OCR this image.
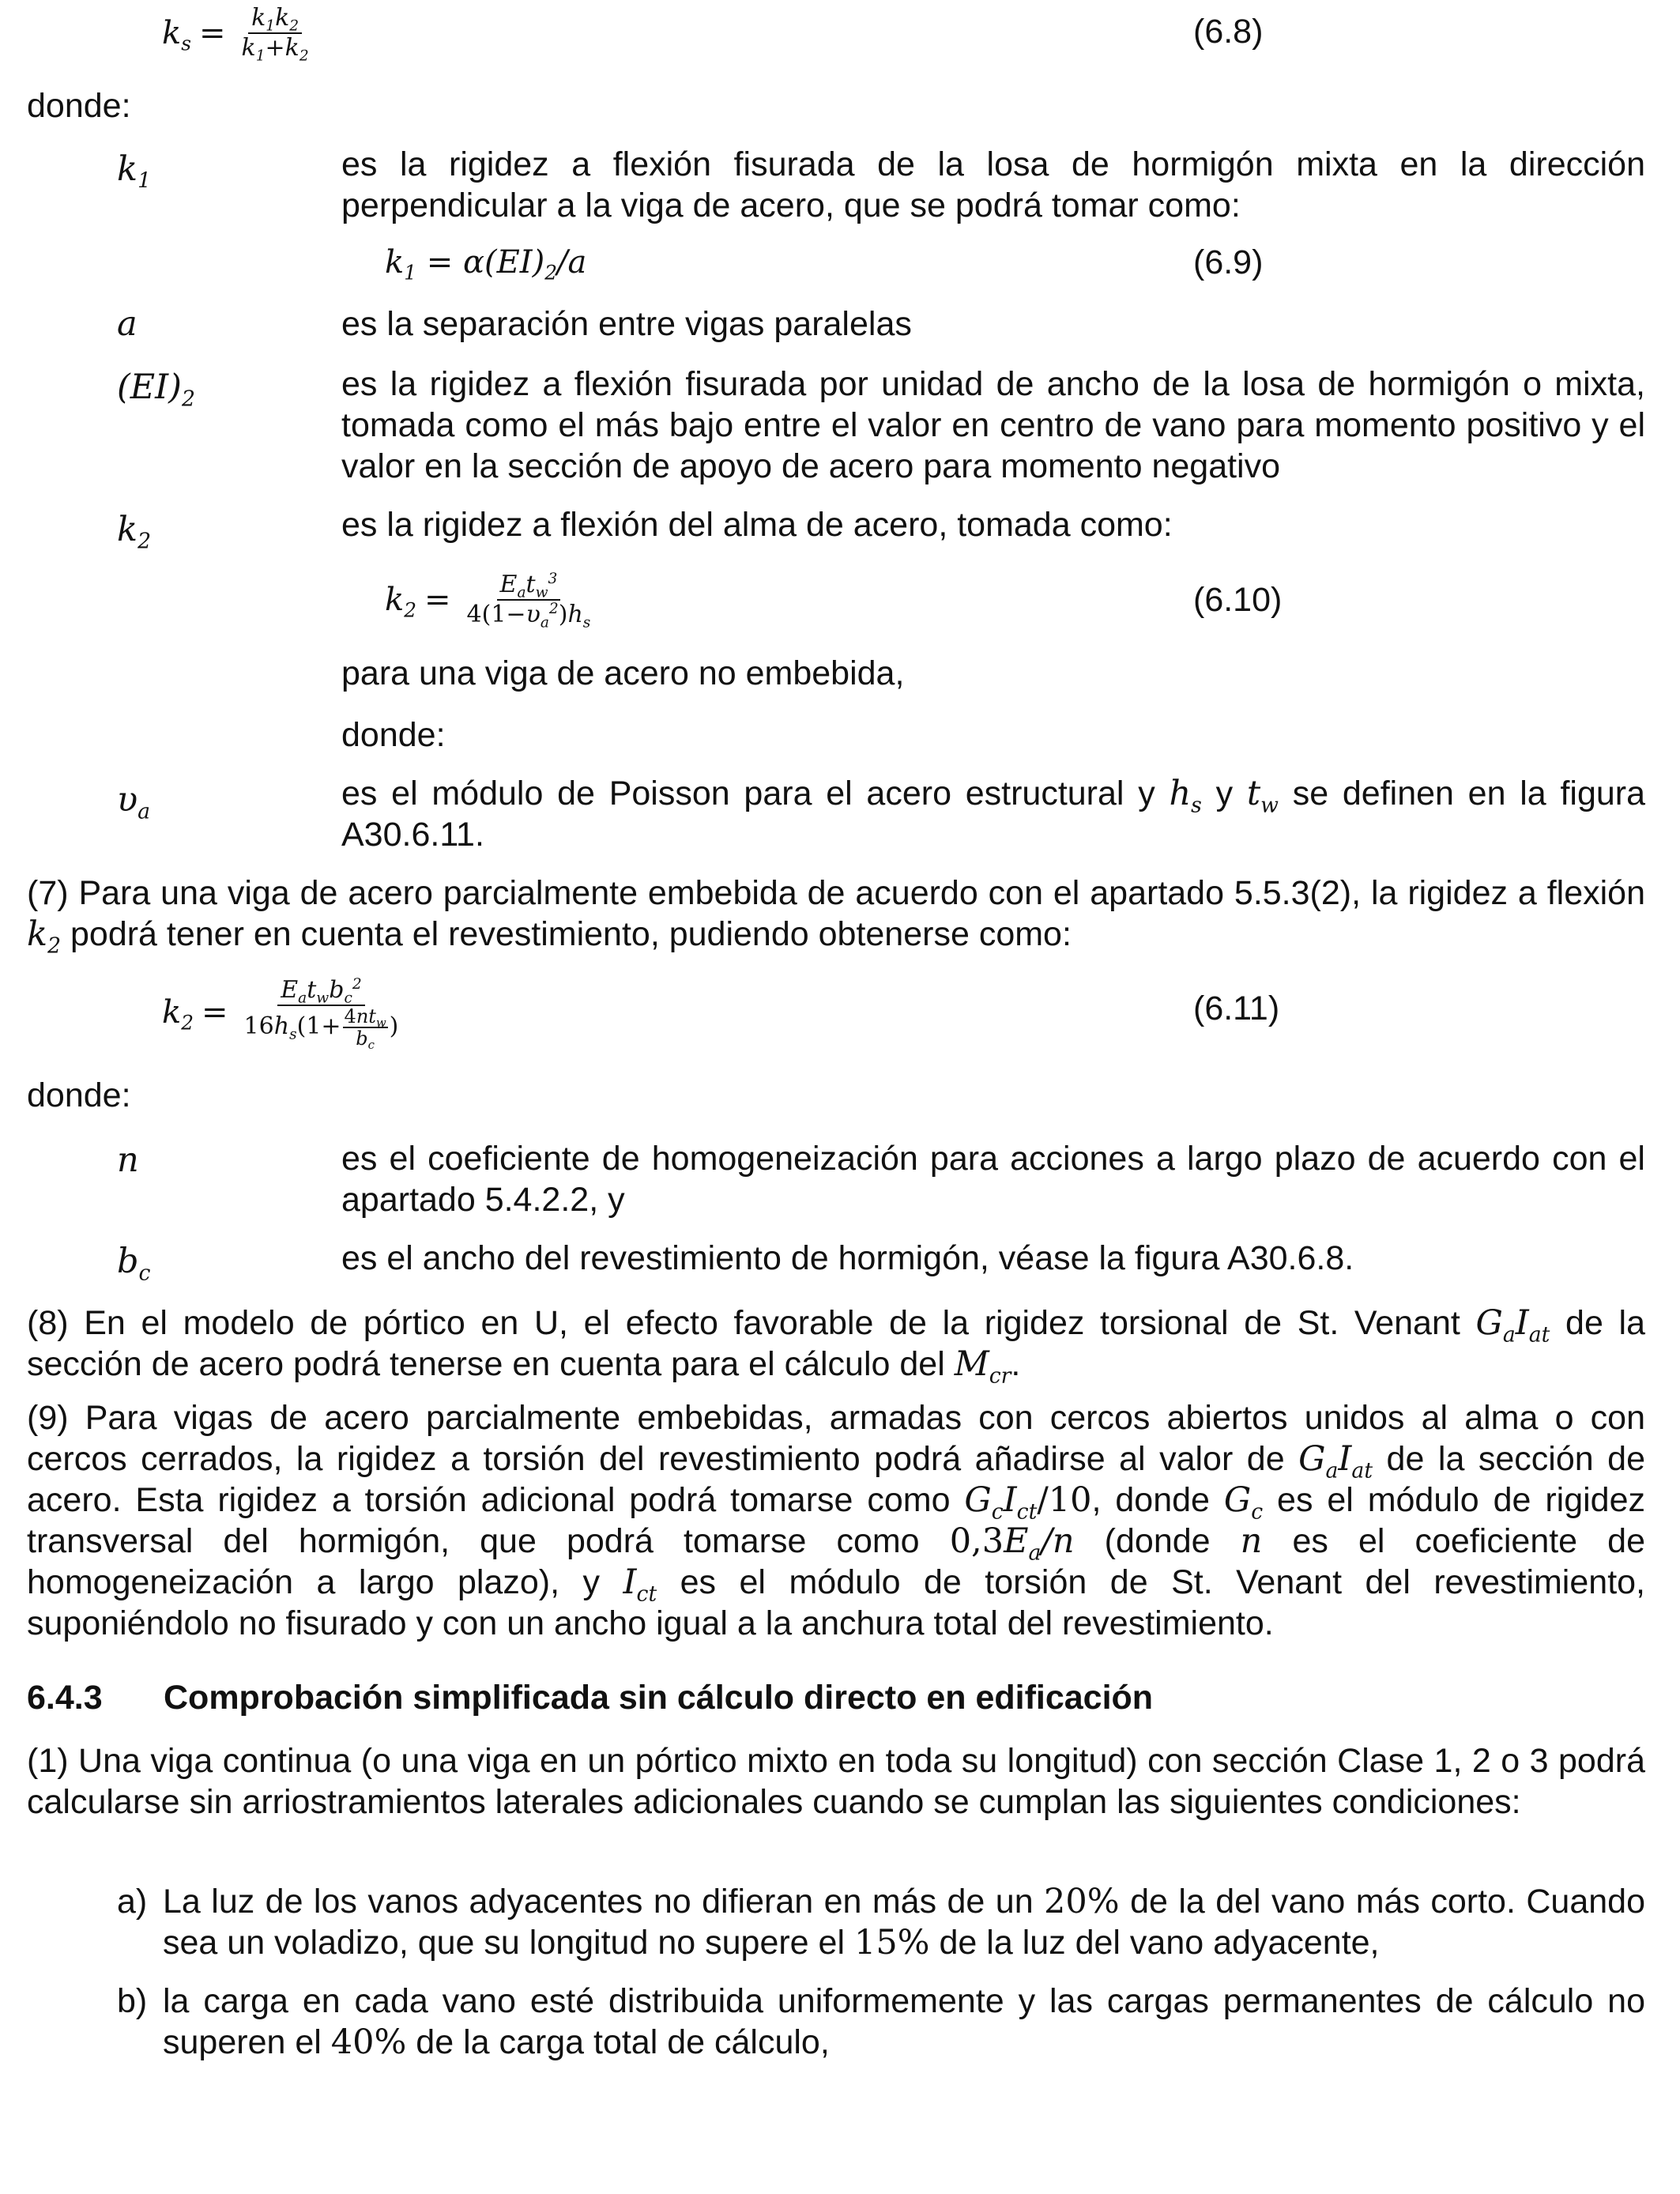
$k_s = \frac{k_1k_2}{k_1+k_2}$	(6.8)
donde:
$k_1$	es la rigidez a flexión fisurada de la losa de hormigón mixta en la dirección perpendicular a la viga de acero, que se podrá tomar como:
$k_1 = \alpha(EI)_2/a$	(6.9)
a	es la separación entre vigas paralelas
$(EI)_2$	es la rigidez a flexión fisurada por unidad de ancho de la losa de hormigón o mixta, tomada como el más bajo entre el valor en centro de vano para momento positivo y el valor en la sección de apoyo de acero para momento negativo
$k_2$	es la rigidez a flexión del alma de acero, tomada como:
$k_2 = \frac{E_at_w^3}{4(1-\upsilon_a^2)h_s}$	(6.10)
para una viga de acero no embebida,
donde:
$\upsilon_a$	es el módulo de Poisson para el acero estructural y $h_s$ y $t_w$ se definen en la figura A30.6.11.
(7) Para una viga de acero parcialmente embebida de acuerdo con el apartado 5.5.3(2), la rigidez a flexión $k_2$ podrá tener en cuenta el revestimiento, pudiendo obtenerse como:
$k_2 = \frac{E_at_wb_c^2}{16h_s(1+ \frac{4nt_w}{b_c} )}$	(6.11)
donde:
n	es el coeficiente de homogeneización para acciones a largo plazo de acuerdo con el apartado 5.4.2.2, y
$b_c$	es el ancho del revestimiento de hormigón, véase la figura A30.6.8.
(8) En el modelo de pórtico en U, el efecto favorable de la rigidez torsional de St. Venant $G_aI_{at}$ de la sección de acero podrá tenerse en cuenta para el cálculo del $M_{cr}$.
(9) Para vigas de acero parcialmente embebidas, armadas con cercos abiertos unidos al alma o con cercos cerrados, la rigidez a torsión del revestimiento podrá añadirse al valor de $G_aI_{at}$ de la sección de acero. Esta rigidez a torsión adicional podrá tomarse como $G_cI_{ct}/10$, donde $G_c$ es el módulo de rigidez transversal del hormigón, que podrá tomarse como $0,3E_a/n$ (donde n es el coeficiente de homogeneización a largo plazo), y $I_{ct}$ es el módulo de torsión de St. Venant del revestimiento, suponiéndolo no fisurado y con un ancho igual a la anchura total del revestimiento.
6.4.3 Comprobación simplificada sin cálculo directo en edificación
(1) Una viga continua (o una viga en un pórtico mixto en toda su longitud) con sección Clase 1, 2 o 3 podrá calcularse sin arriostramientos laterales adicionales cuando se cumplan las siguientes condiciones:
a) La luz de los vanos adyacentes no difieran en más de un 20% de la del vano más corto. Cuando sea un voladizo, que su longitud no supere el 15% de la luz del vano adyacente,
b) la carga en cada vano esté distribuida uniformemente y las cargas permanentes de cálculo no superen el 40% de la carga total de cálculo,
